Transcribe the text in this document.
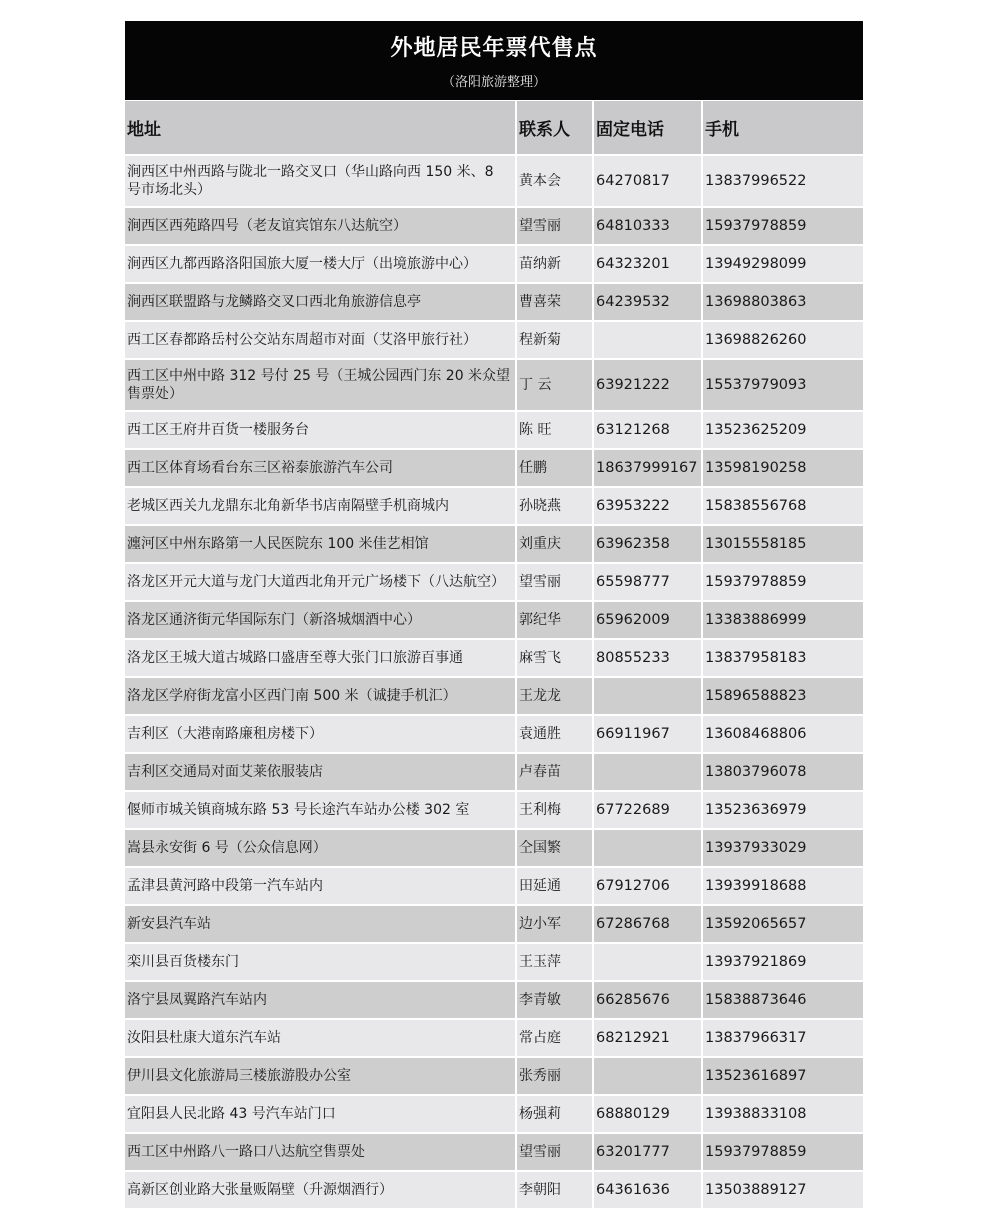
外地居民年票代售点
（洛阳旅游整理）
地址	联系人	固定电话	手机
涧西区中州西路与陇北一路交叉口（华山路向西 150 米、8 号市场北头）	黄本会	64270817	13837996522
涧西区西苑路四号（老友谊宾馆东八达航空）	望雪丽	64810333	15937978859
涧西区九都西路洛阳国旅大厦一楼大厅（出境旅游中心）	苗纳新	64323201	13949298099
涧西区联盟路与龙鳞路交叉口西北角旅游信息亭	曹喜荣	64239532	13698803863
西工区春都路岳村公交站东周超市对面（艾洛甲旅行社）	程新菊		13698826260
西工区中州中路 312 号付 25 号（王城公园西门东 20 米众望售票处）	丁 云	63921222	15537979093
西工区王府井百货一楼服务台	陈 旺	63121268	13523625209
西工区体育场看台东三区裕泰旅游汽车公司	任鹏	18637999167	13598190258
老城区西关九龙鼎东北角新华书店南隔壁手机商城内	孙晓燕	63953222	15838556768
瀍河区中州东路第一人民医院东 100 米佳艺相馆	刘重庆	63962358	13015558185
洛龙区开元大道与龙门大道西北角开元广场楼下（八达航空）	望雪丽	65598777	15937978859
洛龙区通济街元华国际东门（新洛城烟酒中心）	郭纪华	65962009	13383886999
洛龙区王城大道古城路口盛唐至尊大张门口旅游百事通	麻雪飞	80855233	13837958183
洛龙区学府街龙富小区西门南 500 米（诚捷手机汇）	王龙龙		15896588823
吉利区（大港南路廉租房楼下）	袁通胜	66911967	13608468806
吉利区交通局对面艾莱依服装店	卢春苗		13803796078
偃师市城关镇商城东路 53 号长途汽车站办公楼 302 室	王利梅	67722689	13523636979
嵩县永安街 6 号（公众信息网）	仝国繁		13937933029
孟津县黄河路中段第一汽车站内	田延通	67912706	13939918688
新安县汽车站	边小军	67286768	13592065657
栾川县百货楼东门	王玉萍		13937921869
洛宁县凤翼路汽车站内	李青敏	66285676	15838873646
汝阳县杜康大道东汽车站	常占庭	68212921	13837966317
伊川县文化旅游局三楼旅游股办公室	张秀丽		13523616897
宜阳县人民北路 43 号汽车站门口	杨强莉	68880129	13938833108
西工区中州路八一路口八达航空售票处	望雪丽	63201777	15937978859
高新区创业路大张量贩隔壁（升源烟酒行）	李朝阳	64361636	13503889127
